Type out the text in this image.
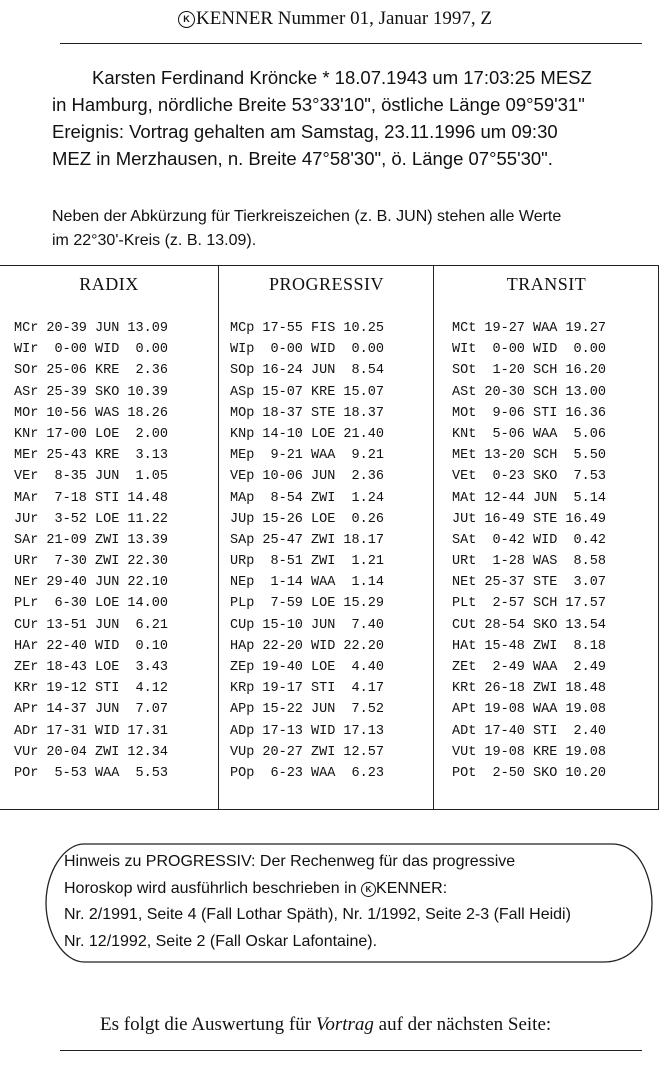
K KENNER Nummer 01, Januar 1997, Z
Karsten Ferdinand Kröncke * 18.07.1943 um 17:03:25 MESZ
in Hamburg, nördliche Breite 53°33'10", östliche Länge 09°59'31"
Ereignis: Vortrag gehalten am Samstag, 23.11.1996 um 09:30
MEZ in Merzhausen, n. Breite 47°58'30", ö. Länge 07°55'30".
Neben der Abkürzung für Tierkreiszeichen (z. B. JUN) stehen alle Werte
im 22°30'-Kreis (z. B. 13.09).
RADIX
MCr 20-39 JUN 13.09
WIr  0-00 WID  0.00
SOr 25-06 KRE  2.36
ASr 25-39 SKO 10.39
MOr 10-56 WAS 18.26
KNr 17-00 LOE  2.00
MEr 25-43 KRE  3.13
VEr  8-35 JUN  1.05
MAr  7-18 STI 14.48
JUr  3-52 LOE 11.22
SAr 21-09 ZWI 13.39
URr  7-30 ZWI 22.30
NEr 29-40 JUN 22.10
PLr  6-30 LOE 14.00
CUr 13-51 JUN  6.21
HAr 22-40 WID  0.10
ZEr 18-43 LOE  3.43
KRr 19-12 STI  4.12
APr 14-37 JUN  7.07
ADr 17-31 WID 17.31
VUr 20-04 ZWI 12.34
POr  5-53 WAA  5.53
PROGRESSIV
MCp 17-55 FIS 10.25
WIp  0-00 WID  0.00
SOp 16-24 JUN  8.54
ASp 15-07 KRE 15.07
MOp 18-37 STE 18.37
KNp 14-10 LOE 21.40
MEp  9-21 WAA  9.21
VEp 10-06 JUN  2.36
MAp  8-54 ZWI  1.24
JUp 15-26 LOE  0.26
SAp 25-47 ZWI 18.17
URp  8-51 ZWI  1.21
NEp  1-14 WAA  1.14
PLp  7-59 LOE 15.29
CUp 15-10 JUN  7.40
HAp 22-20 WID 22.20
ZEp 19-40 LOE  4.40
KRp 19-17 STI  4.17
APp 15-22 JUN  7.52
ADp 17-13 WID 17.13
VUp 20-27 ZWI 12.57
POp  6-23 WAA  6.23
TRANSIT
MCt 19-27 WAA 19.27
WIt  0-00 WID  0.00
SOt  1-20 SCH 16.20
ASt 20-30 SCH 13.00
MOt  9-06 STI 16.36
KNt  5-06 WAA  5.06
MEt 13-20 SCH  5.50
VEt  0-23 SKO  7.53
MAt 12-44 JUN  5.14
JUt 16-49 STE 16.49
SAt  0-42 WID  0.42
URt  1-28 WAS  8.58
NEt 25-37 STE  3.07
PLt  2-57 SCH 17.57
CUt 28-54 SKO 13.54
HAt 15-48 ZWI  8.18
ZEt  2-49 WAA  2.49
KRt 26-18 ZWI 18.48
APt 19-08 WAA 19.08
ADt 17-40 STI  2.40
VUt 19-08 KRE 19.08
POt  2-50 SKO 10.20
Hinweis zu PROGRESSIV: Der Rechenweg für das progressive
Horoskop wird ausführlich beschrieben in K KENNER:
Nr. 2/1991, Seite 4 (Fall Lothar Späth), Nr. 1/1992, Seite 2-3 (Fall Heidi)
Nr. 12/1992, Seite 2 (Fall Oskar Lafontaine).
Es folgt die Auswertung für Vortrag auf der nächsten Seite:
